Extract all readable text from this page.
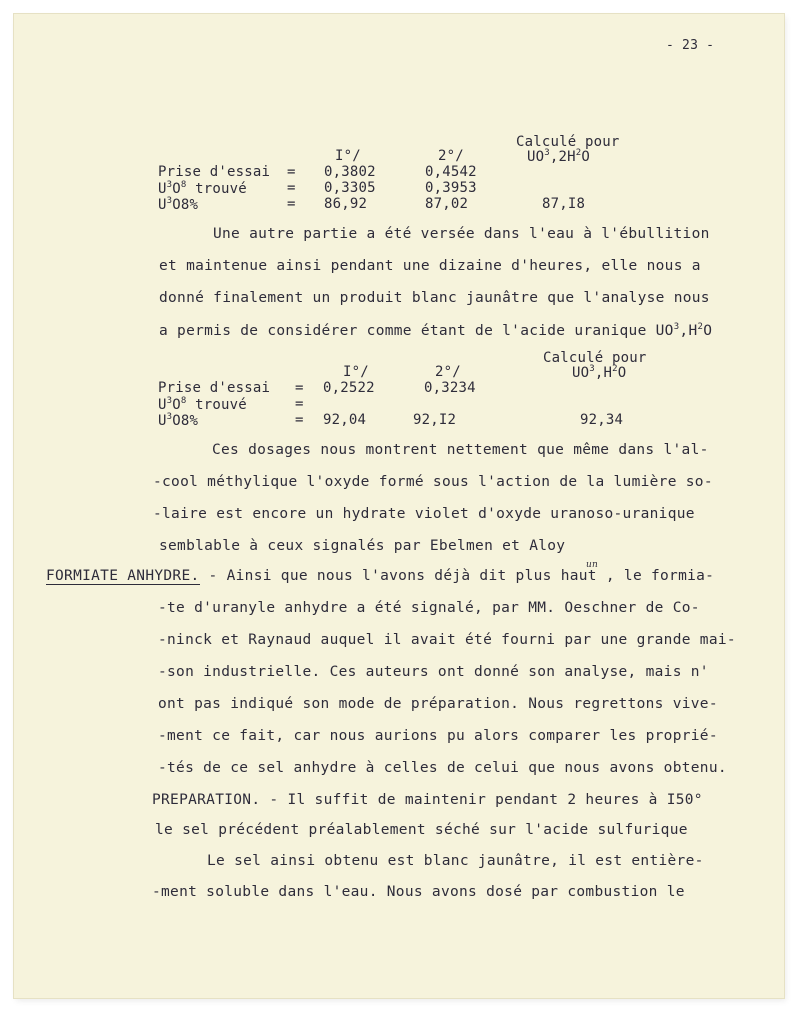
- 23 -
Calculé pour
$UO^3,2H^2O$
I°/	2°/
Prise d'essai = 0,3802	0,4542
$U^3O^8$ trouvé	= 0,3305	0,3953
$U^3O8\%$	= 86,92	87,02	87,I8
Une autre partie a été versée dans l'eau à l'ébullition
et maintenue ainsi pendant une dizaine d'heures, elle nous a
donné finalement un produit blanc jaunâtre que l'analyse nous
a permis de considérer comme étant de l'acide uranique $UO^3,H^2O$
Calculé pour
$UO^3,H^2O$
I°/	2°/
Prise d'essai = 0,2522	0,3234
$U^3O^8$ trouvé	=
$U^3O8\%$	= 92,04	92,I2	92,34
Ces dosages nous montrent nettement que même dans l'al-
-cool méthylique l'oxyde formé sous l'action de la lumière so-
-laire est encore un hydrate violet d'oxyde uranoso-uranique
semblable à ceux signalés par Ebelmen et Aloy
FORMIATE ANHYDRE. - Ainsi que nous l'avons déjà dit plus haut , le formia-
un
-te d'uranyle anhydre a été signalé, par MM. Oeschner de Co-
-ninck et Raynaud auquel il avait été fourni par une grande mai-
-son industrielle. Ces auteurs ont donné son analyse, mais n'
ont pas indiqué son mode de préparation. Nous regrettons vive-
-ment ce fait, car nous aurions pu alors comparer les proprié-
-tés de ce sel anhydre à celles de celui que nous avons obtenu.
PREPARATION. - Il suffit de maintenir pendant 2 heures à I50°
le sel précédent préalablement séché sur l'acide sulfurique
Le sel ainsi obtenu est blanc jaunâtre, il est entière-
-ment soluble dans l'eau. Nous avons dosé par combustion le
